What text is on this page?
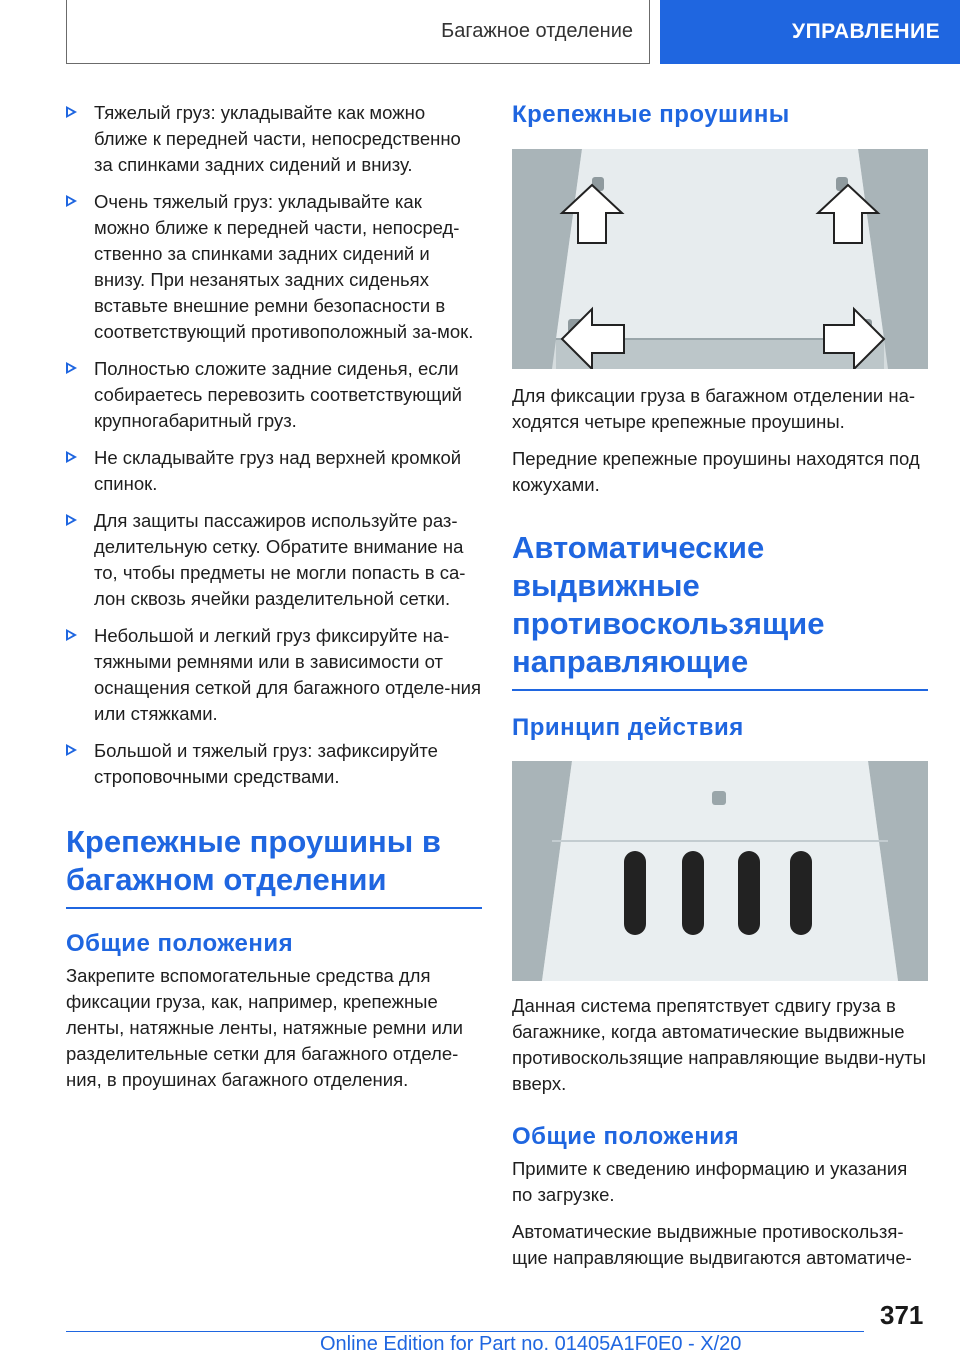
Багажное отделение	УПРАВЛЕНИЕ
Тяжелый груз: укладывайте как можно ближе к передней части, непосредственно за спинками задних сидений и внизу.
Очень тяжелый груз: укладывайте как можно ближе к передней части, непосред-ственно за спинками задних сидений и внизу. При незанятых задних сиденьях вставьте внешние ремни безопасности в соответствующий противоположный за-мок.
Полностью сложите задние сиденья, если собираетесь перевозить соответствующий крупногабаритный груз.
Не складывайте груз над верхней кромкой спинок.
Для защиты пассажиров используйте раз-делительную сетку. Обратите внимание на то, чтобы предметы не могли попасть в са-лон сквозь ячейки разделительной сетки.
Небольшой и легкий груз фиксируйте на-тяжными ремнями или в зависимости от оснащения сеткой для багажного отделе-ния или стяжками.
Большой и тяжелый груз: зафиксируйте строповочными средствами.
Крепежные проушины в багажном отделении
Общие положения

Закрепите вспомогательные средства для фиксации груза, как, например, крепежные ленты, натяжные ленты, натяжные ремни или разделительные сетки для багажного отделе-ния, в проушинах багажного отделения.

Крепежные проушины

Для фиксации груза в багажном отделении на-ходятся четыре крепежные проушины.

Передние крепежные проушины находятся под кожухами.

Автоматические выдвижные противоскользящие направляющие
Принцип действия

Данная система препятствует сдвигу груза в багажнике, когда автоматические выдвижные противоскользящие направляющие выдви-нуты вверх.

Общие положения

Примите к сведению информацию и указания по загрузке.

Автоматические выдвижные противоскользя-щие направляющие выдвигаются автоматиче-

371
Online Edition for Part no. 01405A1F0E0 - X/20
